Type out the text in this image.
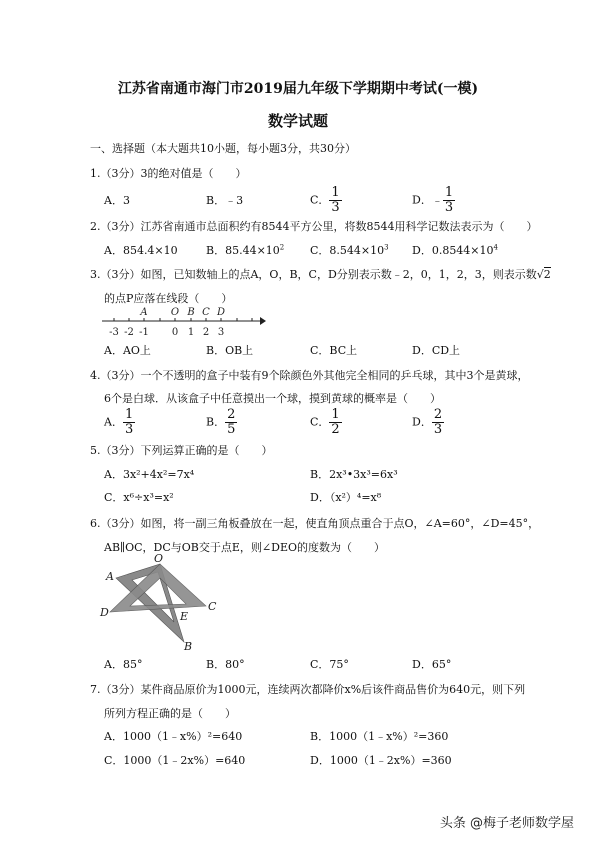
江苏省南通市海门市2019届九年级下学期期中考试(一模)
数学试题
一、选择题（本大题共10小题，每小题3分，共30分）
1.（3分）3的绝对值是（　　）
A．3	B．﹣3	C． $\frac{1}{3}$	D．﹣ $\frac{1}{3}$
2.（3分）江苏省南通市总面积约有8544平方公里，将数8544用科学记数法表示为（　　）
A．854.4×10	B．$85.44\times 10^2$ C．$8.544\times 10^3$ D．$0.8544\times 10^4$
3.（3分）如图，已知数轴上的点A，O，B，C，D分别表示数﹣2，0，1，2，3，则表示数√2
的点P应落在线段（　　）
A O B C D
-3 -2 -1 0 1 2 3
A．AO上	B．OB上	C．BC上	D．CD上
4.（3分）一个不透明的盒子中装有9个除颜色外其他完全相同的乒乓球，其中3个是黄球，
6个是白球．从该盒子中任意摸出一个球，摸到黄球的概率是（　　）
A． $\frac{1}{3}$	B． $\frac{2}{5}$	C． $\frac{1}{2}$	D． $\frac{2}{3}$
5.（3分）下列运算正确的是（　　）
A．3x²+4x²=7x⁴	B．2x³•3x³=6x³
C．x⁶÷x³=x²	D．（x²）⁴=x⁸
6.（3分）如图，将一副三角板叠放在一起，使直角顶点重合于点O，∠A=60°，∠D=45°，
AB∥OC，DC与OB交于点E，则∠DEO的度数为（　　）
O
A
D	C
E
B
A．85°	B．80°	C．75°	D．65°
7.（3分）某件商品原价为1000元，连续两次都降价x%后该件商品售价为640元，则下列
所列方程正确的是（　　）
A．1000（1﹣x%）²=640	B．1000（1﹣x%）²=360
C．1000（1﹣2x%）=640	D．1000（1﹣2x%）=360
头条 @梅子老师数学屋
